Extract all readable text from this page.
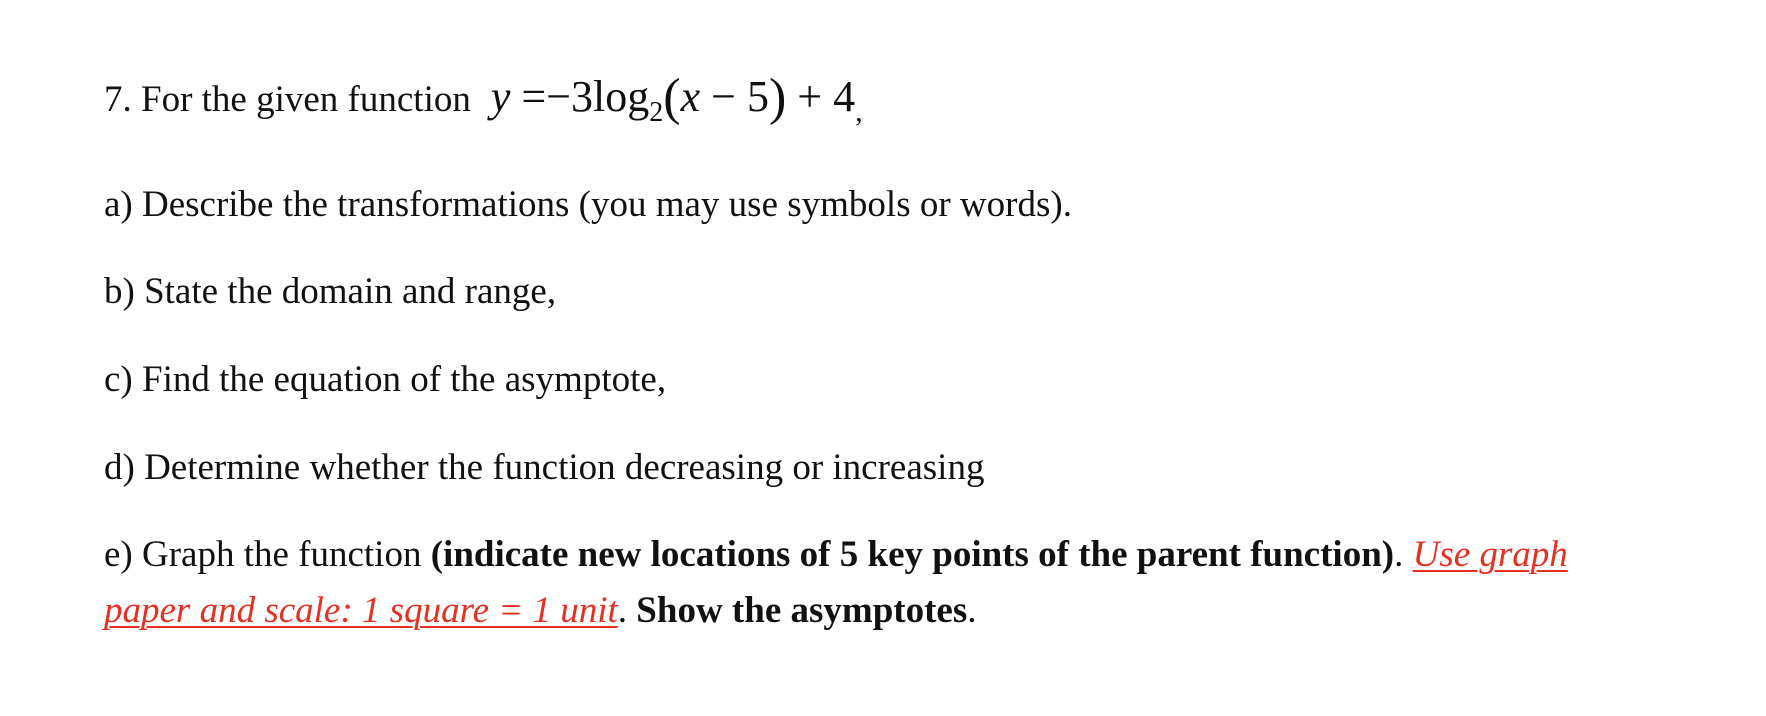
7. For the given function $y =-3\log_2(x - 5) + 4_,$
a) Describe the transformations (you may use symbols or words).
b) State the domain and range,
c) Find the equation of the asymptote,
d) Determine whether the function decreasing or increasing
e) Graph the function (indicate new locations of 5 key points of the parent function). Use graph
paper and scale: 1 square = 1 unit. Show the asymptotes.
